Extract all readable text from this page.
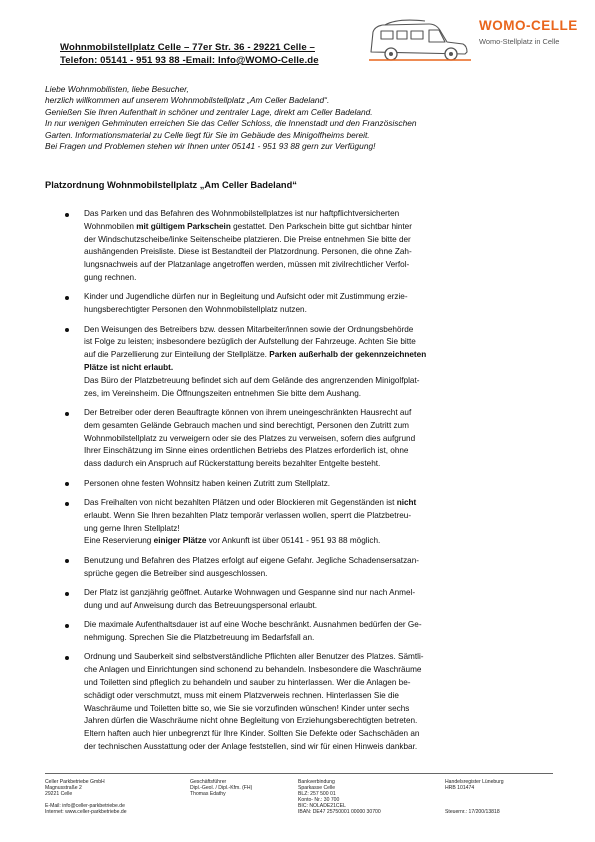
Wohnmobilstellplatz Celle – 77er Str. 36 - 29221 Celle –
Telefon: 05141 - 951 93 88 -Email: Info@WOMO-Celle.de
WOMO-CELLE
Womo-Stellplatz in Celle
Liebe Wohnmobilisten, liebe Besucher,
herzlich willkommen auf unserem Wohnmobilstellplatz „Am Celler Badeland“.
Genießen Sie Ihren Aufenthalt in schöner und zentraler Lage, direkt am Celler Badeland.
In nur wenigen Gehminuten erreichen Sie das Celler Schloss, die Innenstadt und den Französischen
Garten. Informationsmaterial zu Celle liegt für Sie im Gebäude des Minigolfheims bereit.
Bei Fragen und Problemen stehen wir Ihnen unter 05141 - 951 93 88 gern zur Verfügung!
Platzordnung Wohnmobilstellplatz „Am Celler Badeland“
Das Parken und das Befahren des Wohnmobilstellplatzes ist nur haftpflichtversicherten
Wohnmobilen mit gültigem Parkschein gestattet. Den Parkschein bitte gut sichtbar hinter
der Windschutzscheibe/linke Seitenscheibe platzieren. Die Preise entnehmen Sie bitte der
aushängenden Preisliste. Diese ist Bestandteil der Platzordnung. Personen, die ohne Zah-
lungsnachweis auf der Platzanlage angetroffen werden, müssen mit zivilrechtlicher Verfol-
gung rechnen.
Kinder und Jugendliche dürfen nur in Begleitung und Aufsicht oder mit Zustimmung erzie-
hungsberechtigter Personen den Wohnmobilstellplatz nutzen.
Den Weisungen des Betreibers bzw. dessen Mitarbeiter/innen sowie der Ordnungsbehörde
ist Folge zu leisten; insbesondere bezüglich der Aufstellung der Fahrzeuge. Achten Sie bitte
auf die Parzellierung zur Einteilung der Stellplätze. Parken außerhalb der gekennzeichneten
Plätze ist nicht erlaubt.
Das Büro der Platzbetreuung befindet sich auf dem Gelände des angrenzenden Minigolfplat-
zes, im Vereinsheim. Die Öffnungszeiten entnehmen Sie bitte dem Aushang.
Der Betreiber oder deren Beauftragte können von ihrem uneingeschränkten Hausrecht auf
dem gesamten Gelände Gebrauch machen und sind berechtigt, Personen den Zutritt zum
Wohnmobilstellplatz zu verweigern oder sie des Platzes zu verweisen, sofern dies aufgrund
Ihrer Einschätzung im Sinne eines ordentlichen Betriebs des Platzes erforderlich ist, ohne
dass dadurch ein Anspruch auf Rückerstattung bereits bezahlter Entgelte besteht.
Personen ohne festen Wohnsitz haben keinen Zutritt zum Stellplatz.
Das Freihalten von nicht bezahlten Plätzen und oder Blockieren mit Gegenständen ist nicht
erlaubt. Wenn Sie Ihren bezahlten Platz temporär verlassen wollen, sperrt die Platzbetreu-
ung gerne Ihren Stellplatz!
Eine Reservierung einiger Plätze vor Ankunft ist über 05141 - 951 93 88 möglich.
Benutzung und Befahren des Platzes erfolgt auf eigene Gefahr. Jegliche Schadensersatzan-
sprüche gegen die Betreiber sind ausgeschlossen.
Der Platz ist ganzjährig geöffnet. Autarke Wohnwagen und Gespanne sind nur nach Anmel-
dung und auf Anweisung durch das Betreuungspersonal erlaubt.
Die maximale Aufenthaltsdauer ist auf eine Woche beschränkt. Ausnahmen bedürfen der Ge-
nehmigung. Sprechen Sie die Platzbetreuung im Bedarfsfall an.
Ordnung und Sauberkeit sind selbstverständliche Pflichten aller Benutzer des Platzes. Sämtli-
che Anlagen und Einrichtungen sind schonend zu behandeln. Insbesondere die Waschräume
und Toiletten sind pfleglich zu behandeln und sauber zu hinterlassen. Wer die Anlagen be-
schädigt oder verschmutzt, muss mit einem Platzverweis rechnen. Hinterlassen Sie die
Waschräume und Toiletten bitte so, wie Sie sie vorzufinden wünschen! Kinder unter sechs
Jahren dürfen die Waschräume nicht ohne Begleitung von Erziehungsberechtigten betreten.
Eltern haften auch hier unbegrenzt für Ihre Kinder. Sollten Sie Defekte oder Sachschäden an
der technischen Ausstattung oder der Anlage feststellen, sind wir für einen Hinweis dankbar.
Celler Parkbetriebe GmbH
Magnusstraße 2
29221 Celle

E-Mail: info@celler-parkbetriebe.de
Internet: www.celler-parkbetriebe.de
Geschäftsführer
Dipl.-Geol. / Dipl.-Kfm. (FH)
Thomas Edathy
Bankverbindung
Sparkasse Celle
BLZ: 257 500 01
Konto- Nr.: 30 700
BIC: NOLADE21CEL
IBAN: DE47 25750001 00000 30700
Handelsregister Lüneburg
HRB 101474

Steuernr.: 17/200/13818
